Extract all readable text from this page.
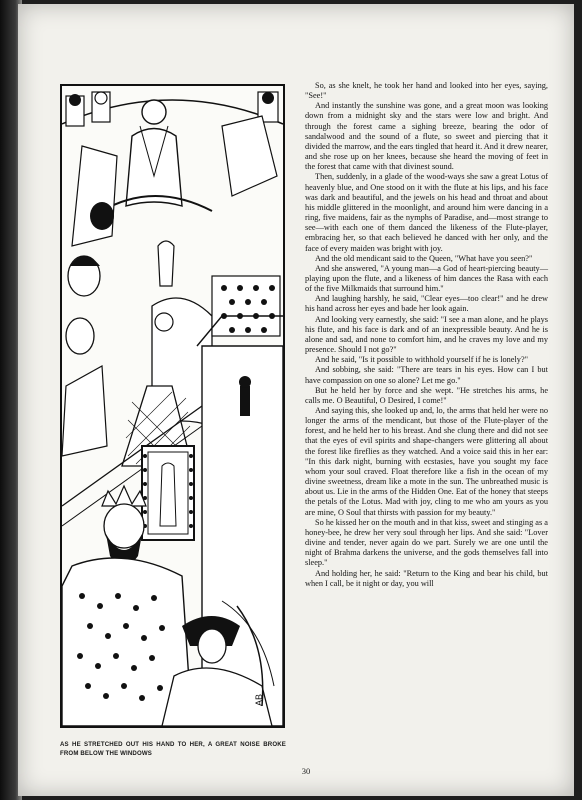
AB
AS HE STRETCHED OUT HIS HAND TO HER, A GREAT NOISE BROKE FROM BELOW THE WINDOWS

So, as she knelt, he took her hand and looked into her eyes, saying, "See!"

And instantly the sunshine was gone, and a great moon was looking down from a midnight sky and the stars were low and bright. And through the forest came a sighing breeze, bearing the odor of sandalwood and the sound of a flute, so sweet and piercing that it divided the marrow, and the ears tingled that heard it. And it drew nearer, and she rose up on her knees, because she heard the moving of feet in the forest that came with that divinest sound.

Then, suddenly, in a glade of the wood-ways she saw a great Lotus of heavenly blue, and One stood on it with the flute at his lips, and his face was dark and beautiful, and the jewels on his head and throat and about his middle glittered in the moonlight, and around him were dancing in a ring, five maidens, fair as the nymphs of Paradise, and—most strange to see—with each one of them danced the likeness of the Flute-player, embracing her, so that each believed he danced with her only, and the face of every maiden was bright with joy.

And the old mendicant said to the Queen, "What have you seen?"

And she answered, "A young man—a God of heart-piercing beauty—playing upon the flute, and a likeness of him dances the Rasa with each of the five Milkmaids that surround him."

And laughing harshly, he said, "Clear eyes—too clear!" and he drew his hand across her eyes and bade her look again.

And looking very earnestly, she said: "I see a man alone, and he plays his flute, and his face is dark and of an inexpressible beauty. And he is alone and sad, and none to comfort him, and he craves my love and my presence. Should I not go?"

And he said, "Is it possible to withhold yourself if he is lonely?"

And sobbing, she said: "There are tears in his eyes. How can I but have compassion on one so alone? Let me go."

But he held her by force and she wept. "He stretches his arms, he calls me. O Beautiful, O Desired, I come!"

And saying this, she looked up and, lo, the arms that held her were no longer the arms of the mendicant, but those of the Flute-player of the forest, and he held her to his breast. And she clung there and did not see that the eyes of evil spirits and shape-changers were glittering all about the forest like fireflies as they watched. And a voice said this in her ear: "In this dark night, burning with ecstasies, have you sought my face whom your soul craved. Float therefore like a fish in the ocean of my divine sweetness, dream like a mote in the sun. The unbreathed music is about us. Lie in the arms of the Hidden One. Eat of the honey that steeps the petals of the Lotus. Mad with joy, cling to me who am yours as you are mine, O Soul that thirsts with passion for my beauty."

So he kissed her on the mouth and in that kiss, sweet and stinging as a honey-bee, he drew her very soul through her lips. And she said: "Lover divine and tender, never again do we part. Surely we are one until the night of Brahma darkens the universe, and the gods themselves fall into sleep."

And holding her, he said: "Return to the King and bear his child, but when I call, be it night or day, you will

30
